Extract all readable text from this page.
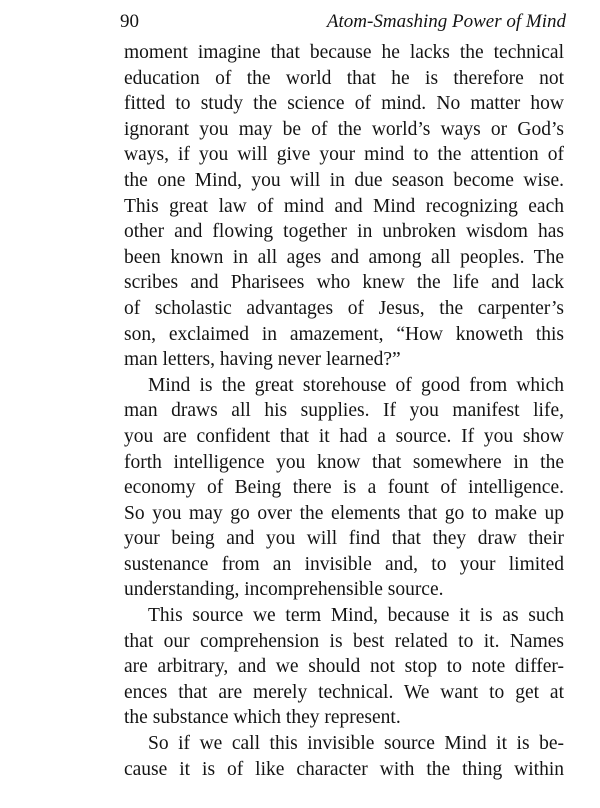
90	Atom-Smashing Power of Mind
moment imagine that because he lacks the technical
education of the world that he is therefore not
fitted to study the science of mind. No matter how
ignorant you may be of the world’s ways or God’s
ways, if you will give your mind to the attention of
the one Mind, you will in due season become wise.
This great law of mind and Mind recognizing each
other and flowing together in unbroken wisdom has
been known in all ages and among all peoples. The
scribes and Pharisees who knew the life and lack
of scholastic advantages of Jesus, the carpenter’s
son, exclaimed in amazement, “How knoweth this
man letters, having never learned?”
Mind is the great storehouse of good from which
man draws all his supplies. If you manifest life,
you are confident that it had a source. If you show
forth intelligence you know that somewhere in the
economy of Being there is a fount of intelligence.
So you may go over the elements that go to make up
your being and you will find that they draw their
sustenance from an invisible and, to your limited
understanding, incomprehensible source.
This source we term Mind, because it is as such
that our comprehension is best related to it. Names
are arbitrary, and we should not stop to note differ-
ences that are merely technical. We want to get at
the substance which they represent.
So if we call this invisible source Mind it is be-
cause it is of like character with the thing within
